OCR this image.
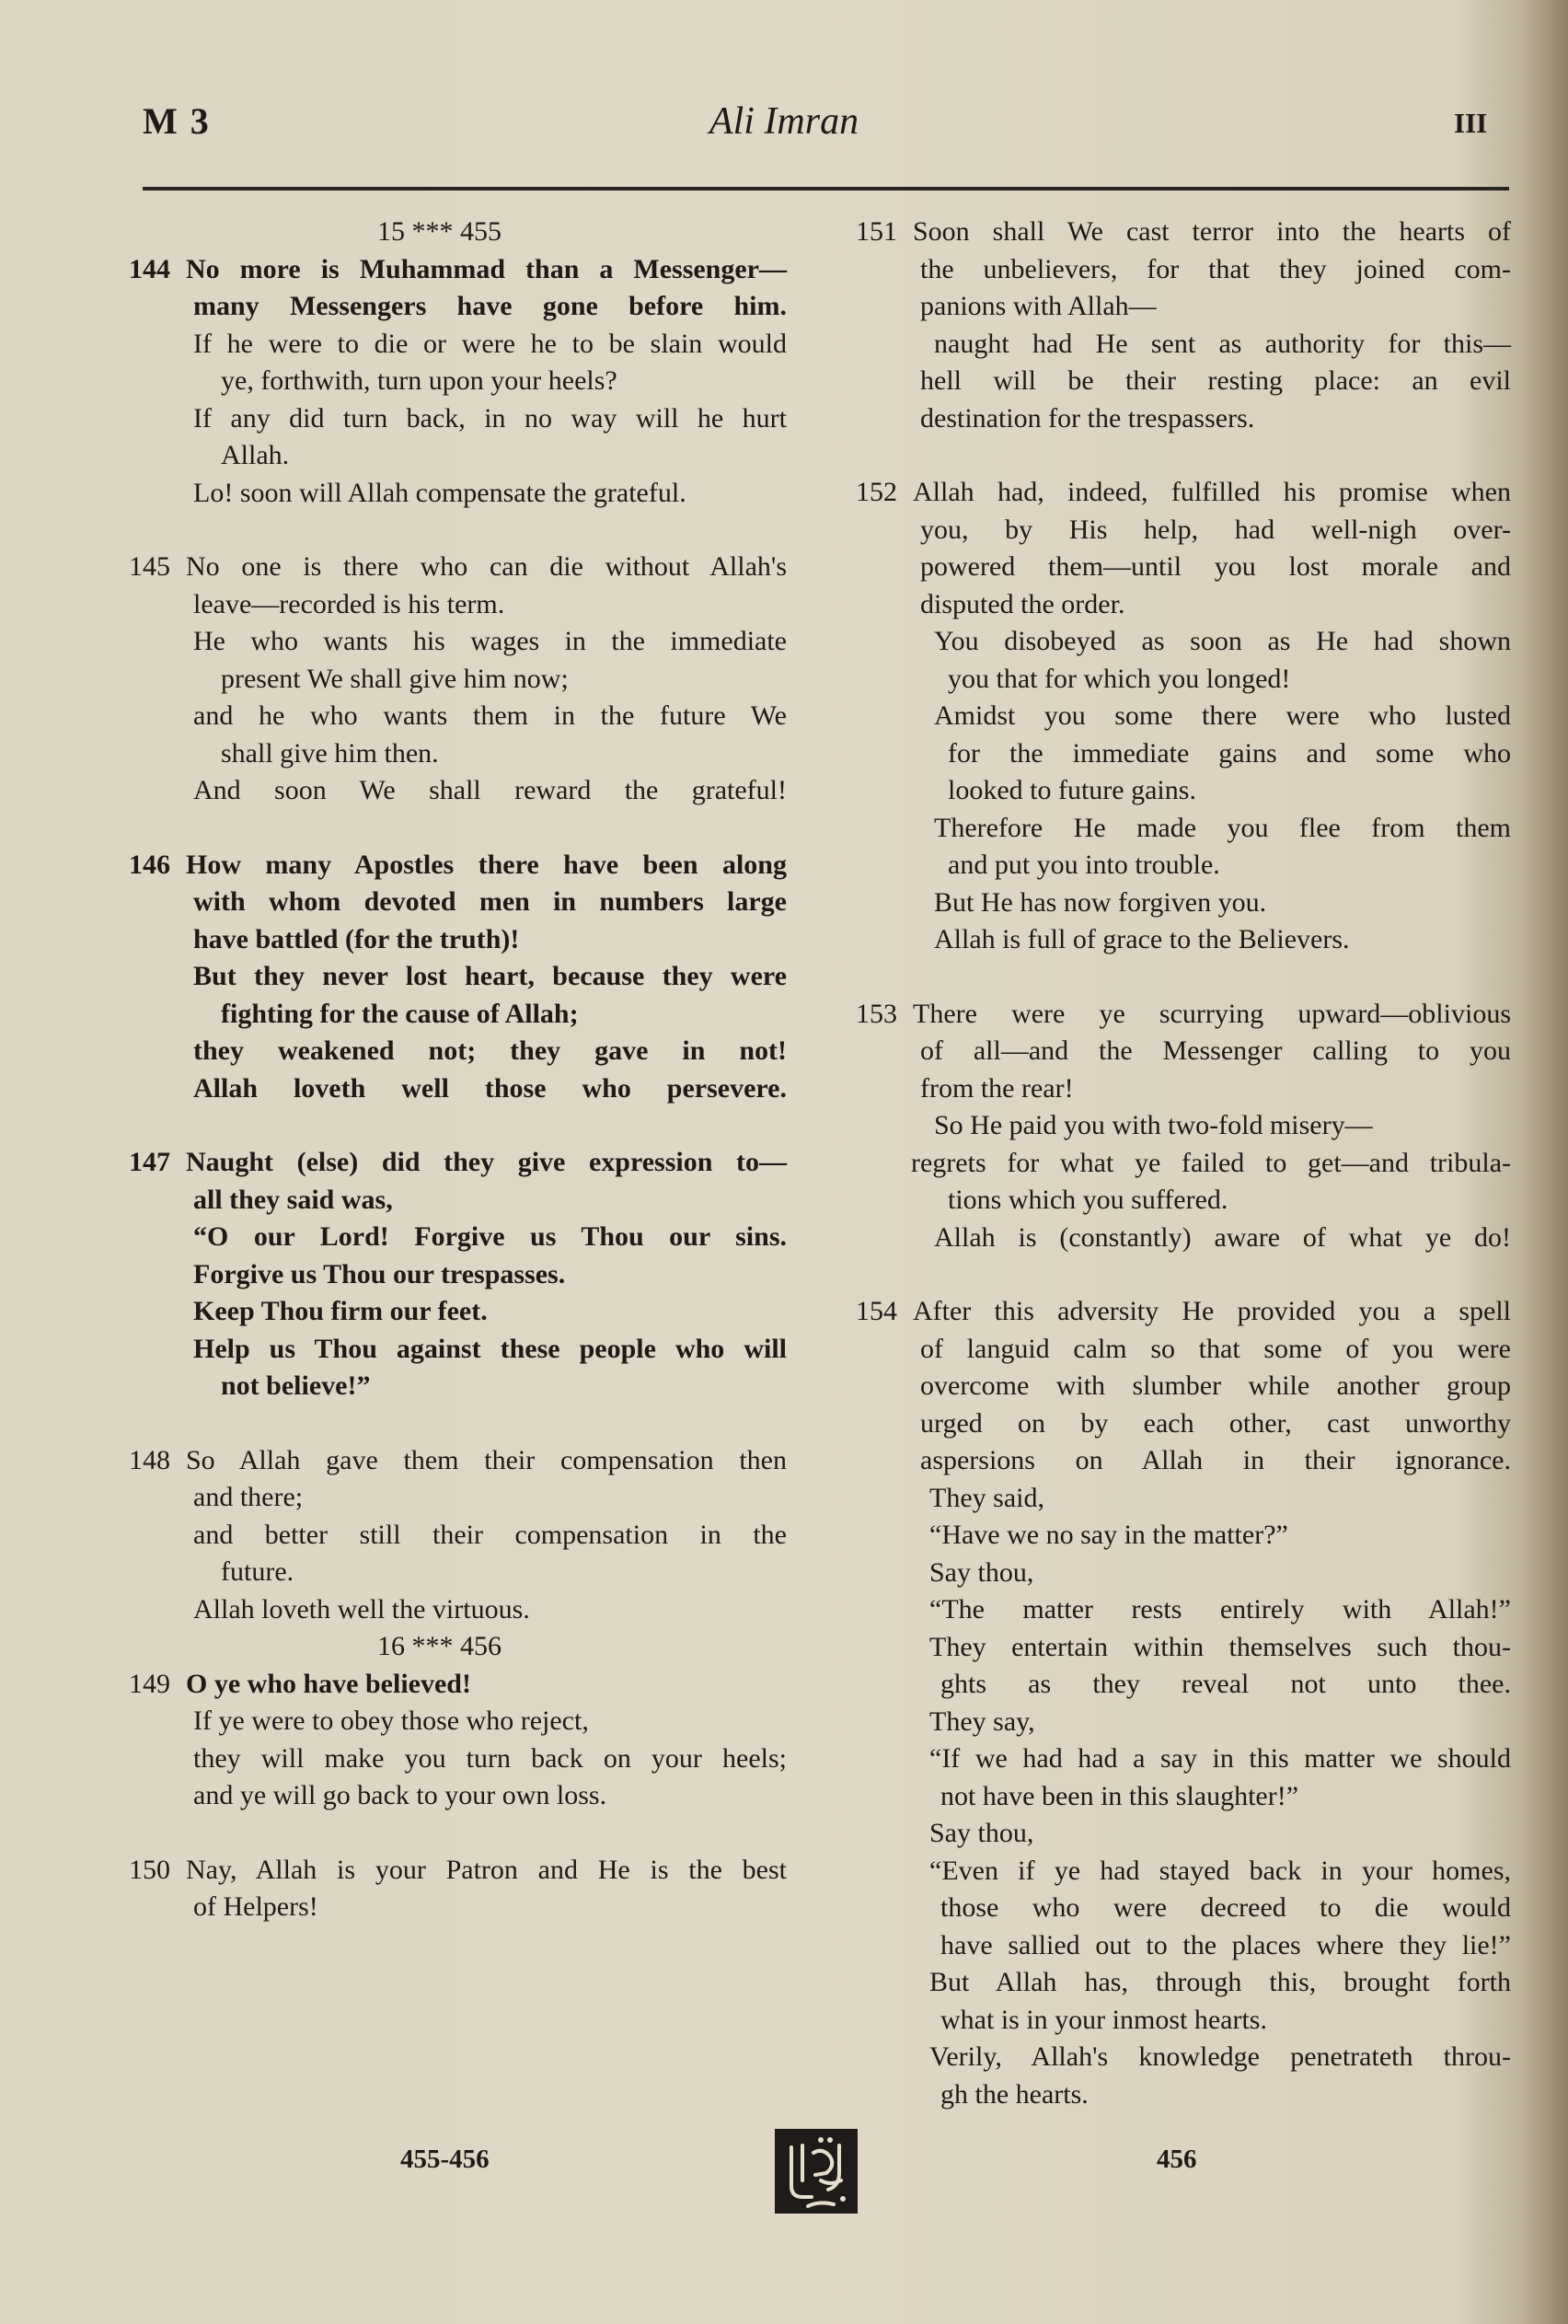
M 3	Ali Imran	III

15 *** 455

144 No more is Muhammad than a Messenger—

many Messengers have gone before him.

If he were to die or were he to be slain would

ye, forthwith, turn upon your heels?

If any did turn back, in no way will he hurt

Allah.

Lo! soon will Allah compensate the grateful.

145 No one is there who can die without Allah's

leave—recorded is his term.

He who wants his wages in the immediate

present We shall give him now;

and he who wants them in the future We

shall give him then.

And soon We shall reward the grateful!

146 How many Apostles there have been along

with whom devoted men in numbers large

have battled (for the truth)!

But they never lost heart, because they were

fighting for the cause of Allah;

they weakened not; they gave in not!

Allah loveth well those who persevere.

147 Naught (else) did they give expression to—

all they said was,

“O our Lord! Forgive us Thou our sins.

Forgive us Thou our trespasses.

Keep Thou firm our feet.

Help us Thou against these people who will

not believe!”

148 So Allah gave them their compensation then

and there;

and better still their compensation in the

future.

Allah loveth well the virtuous.

16 *** 456

149 O ye who have believed!

If ye were to obey those who reject,

they will make you turn back on your heels;

and ye will go back to your own loss.

150 Nay, Allah is your Patron and He is the best

of Helpers!

151 Soon shall We cast terror into the hearts of

the unbelievers, for that they joined com-

panions with Allah—

naught had He sent as authority for this—

hell will be their resting place: an evil

destination for the trespassers.

152 Allah had, indeed, fulfilled his promise when

you, by His help, had well-nigh over-

powered them—until you lost morale and

disputed the order.

You disobeyed as soon as He had shown

you that for which you longed!

Amidst you some there were who lusted

for the immediate gains and some who

looked to future gains.

Therefore He made you flee from them

and put you into trouble.

But He has now forgiven you.

Allah is full of grace to the Believers.

153 There were ye scurrying upward—oblivious

of all—and the Messenger calling to you

from the rear!

So He paid you with two-fold misery—

regrets for what ye failed to get—and tribula-

tions which you suffered.

Allah is (constantly) aware of what ye do!

154 After this adversity He provided you a spell

of languid calm so that some of you were

overcome with slumber while another group

urged on by each other, cast unworthy

aspersions on Allah in their ignorance.

They said,

“Have we no say in the matter?”

Say thou,

“The matter rests entirely with Allah!”

They entertain within themselves such thou-

ghts as they reveal not unto thee.

They say,

“If we had had a say in this matter we should

not have been in this slaughter!”

Say thou,

“Even if ye had stayed back in your homes,

those who were decreed to die would

have sallied out to the places where they lie!”

But Allah has, through this, brought forth

what is in your inmost hearts.

Verily, Allah's knowledge penetrateth throu-

gh the hearts.

455-456	456
